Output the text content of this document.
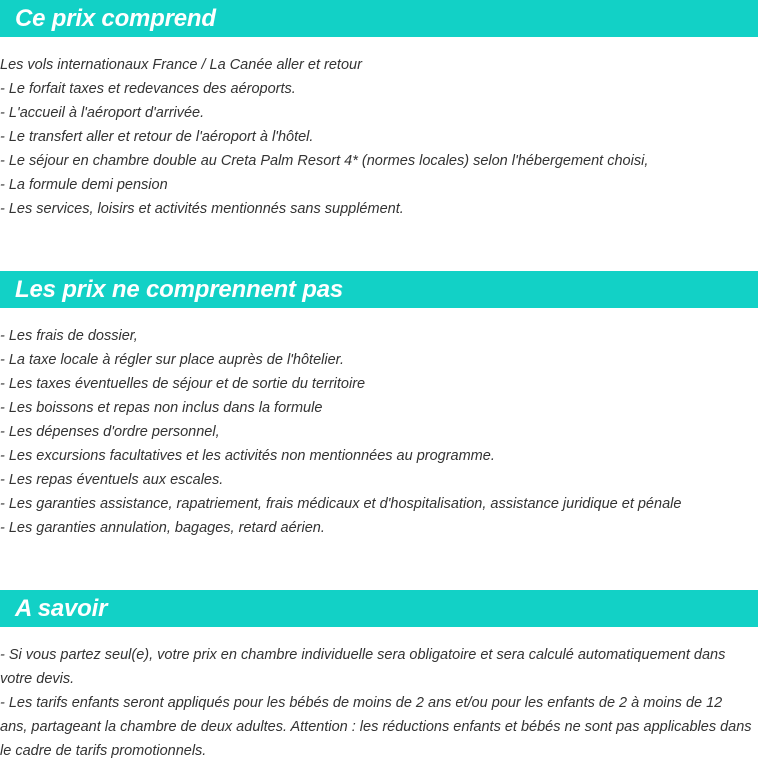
Ce prix comprend
Les vols internationaux France / La Canée aller et retour
- Le forfait taxes et redevances des aéroports.
- L'accueil à l'aéroport d'arrivée.
- Le transfert aller et retour de l'aéroport à l'hôtel.
- Le séjour en chambre double au Creta Palm Resort 4* (normes locales) selon l'hébergement choisi,
- La formule demi pension
- Les services, loisirs et activités mentionnés sans supplément.
Les prix ne comprennent pas
- Les frais de dossier,
- La taxe locale à régler sur place auprès de l'hôtelier.
- Les taxes éventuelles de séjour et de sortie du territoire
- Les boissons et repas non inclus dans la formule
- Les dépenses d'ordre personnel,
- Les excursions facultatives et les activités non mentionnées au programme.
- Les repas éventuels aux escales.
- Les garanties assistance, rapatriement, frais médicaux et d'hospitalisation, assistance juridique et pénale
- Les garanties annulation, bagages, retard aérien.
A savoir
- Si vous partez seul(e), votre prix en chambre individuelle sera obligatoire et sera calculé automatiquement dans votre devis.
- Les tarifs enfants seront appliqués pour les bébés de moins de 2 ans et/ou pour les enfants de 2 à moins de 12 ans, partageant la chambre de deux adultes. Attention : les réductions enfants et bébés ne sont pas applicables dans le cadre de tarifs promotionnels.
